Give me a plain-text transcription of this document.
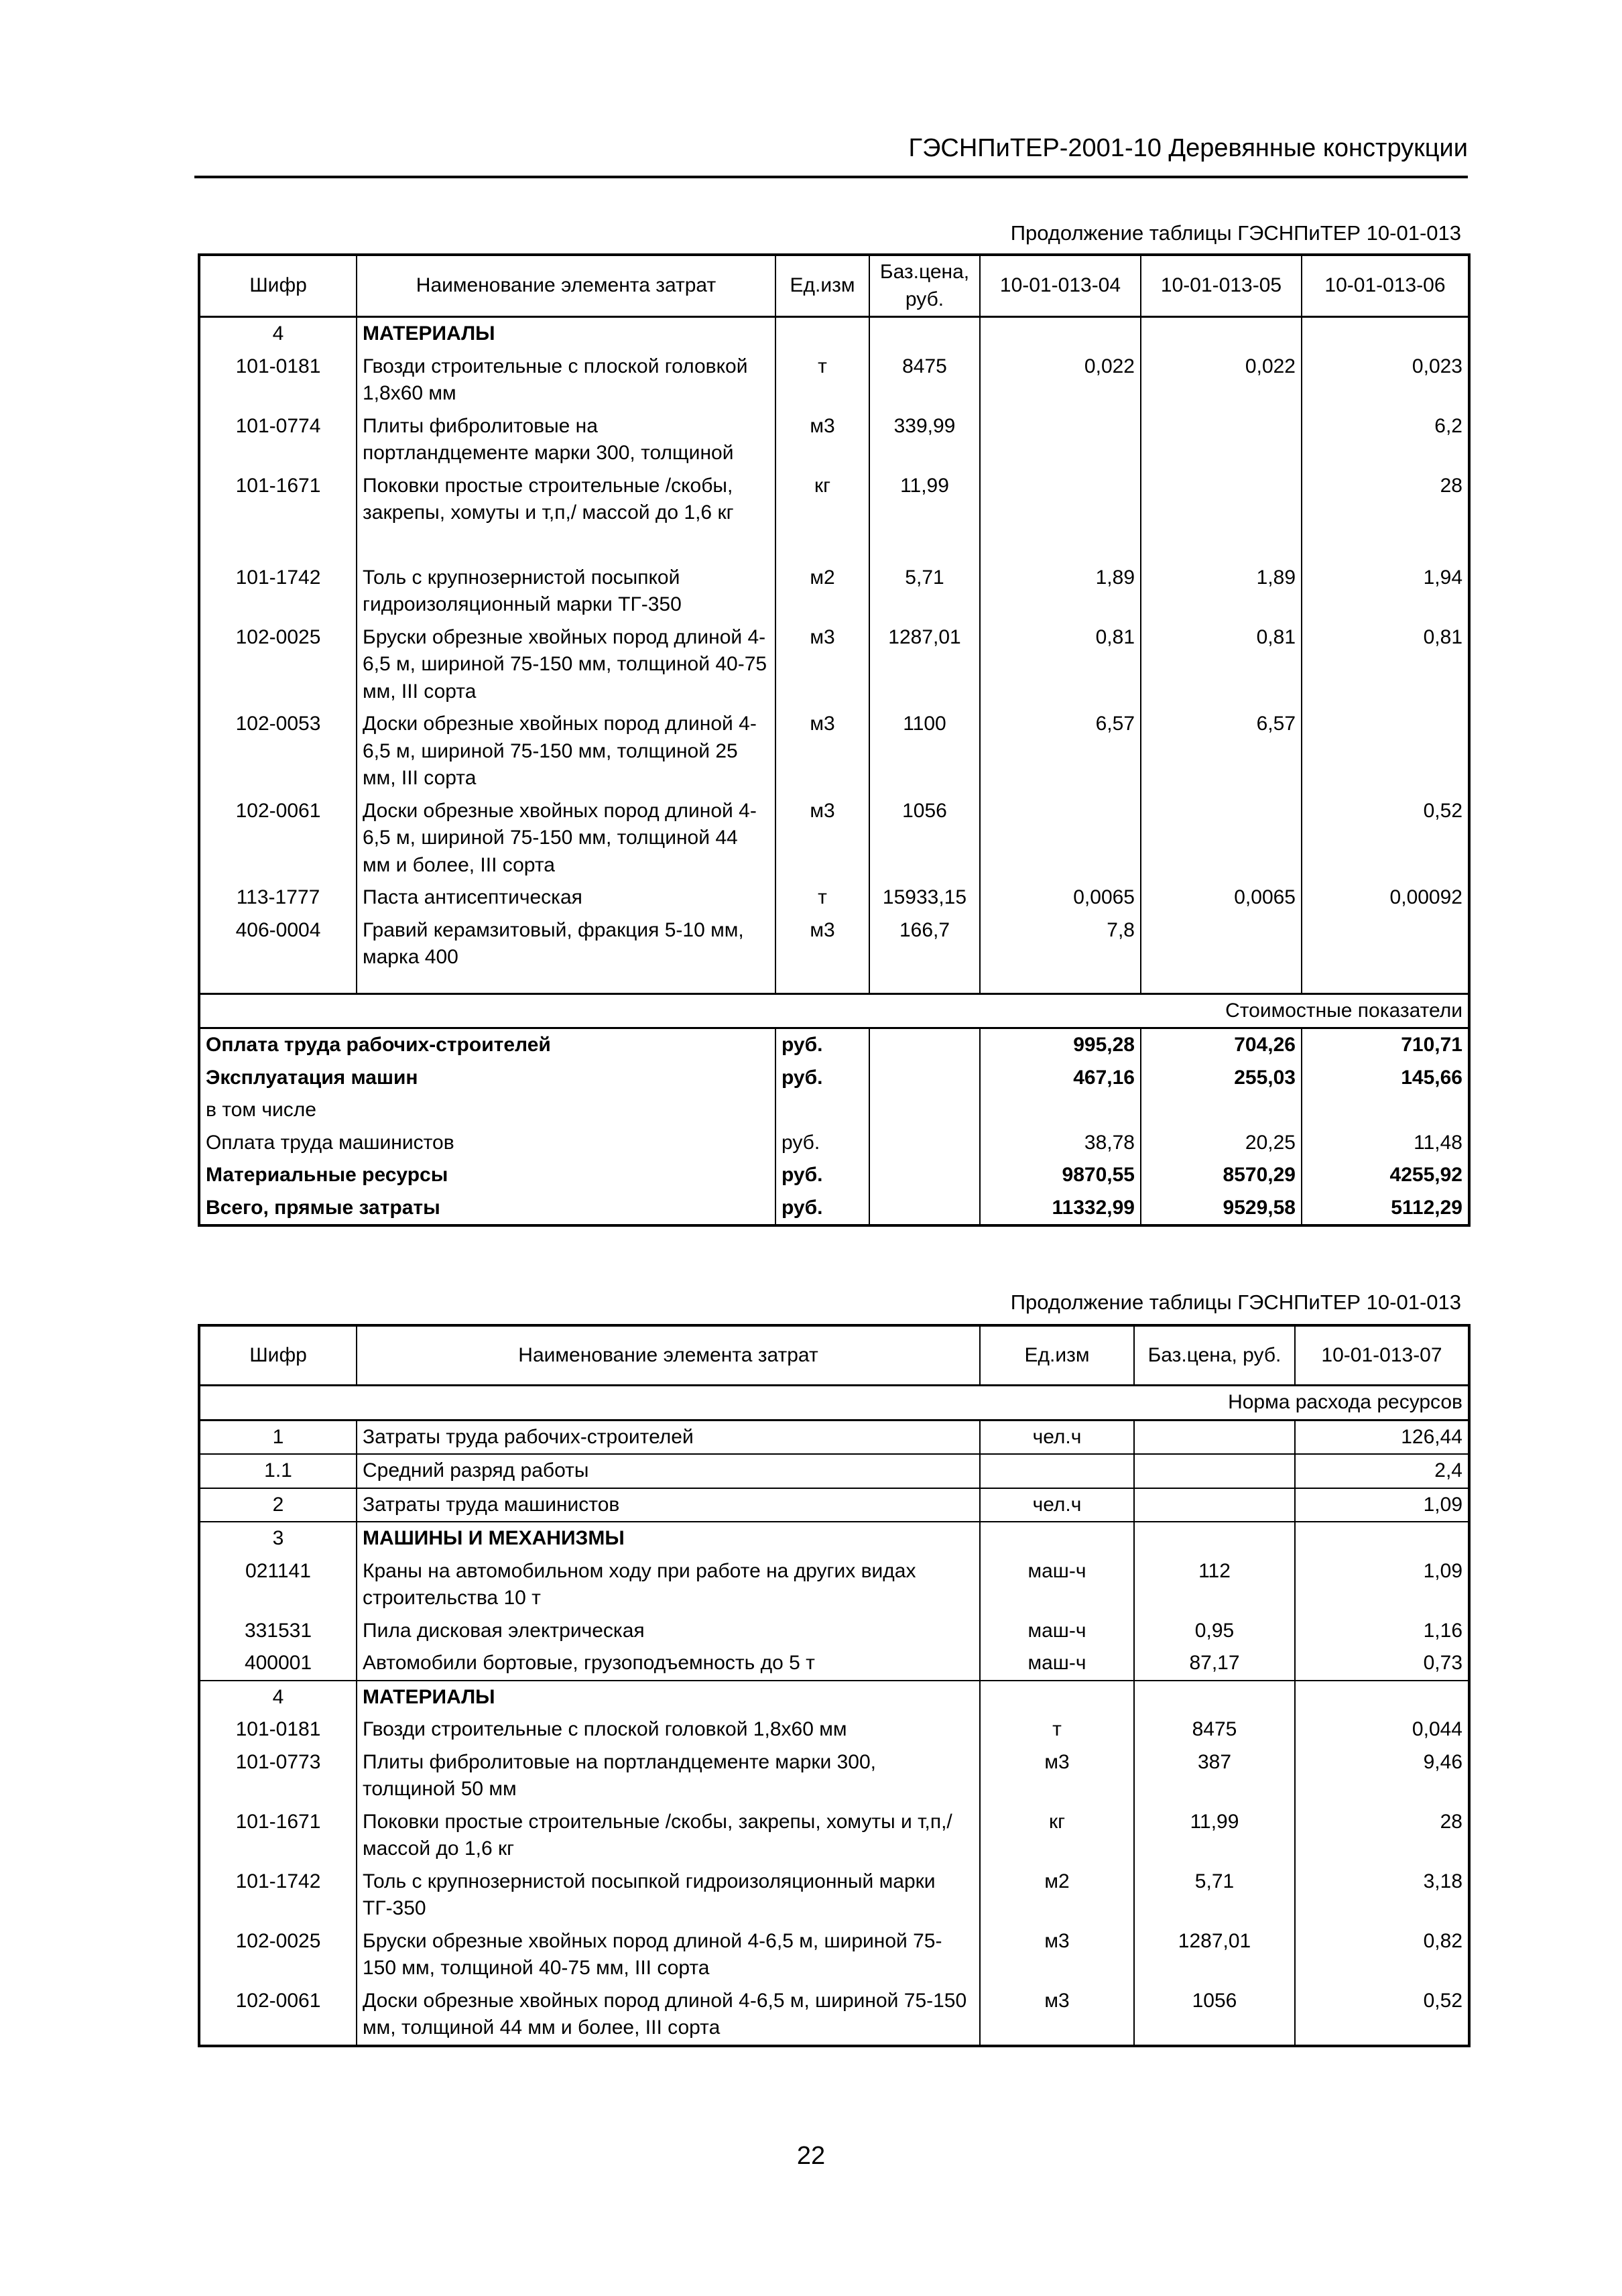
ГЭСНПиТЕР-2001-10 Деревянные конструкции
Продолжение таблицы ГЭСНПиТЕР 10-01-013
Шифр	Наименование элемента затрат	Ед.изм	Баз.цена, руб.	10-01-013-04	10-01-013-05	10-01-013-06
4	МАТЕРИАЛЫ					
101-0181	Гвозди строительные с плоской головкой 1,8х60 мм	т	8475	0,022	0,022	0,023
101-0774	Плиты фибролитовые на портландцементе марки 300, толщиной	м3	339,99			6,2
101-1671	Поковки простые строительные /скобы, закрепы, хомуты и т,п,/ массой до 1,6 кг	кг	11,99			28

101-1742	Толь с крупнозернистой посыпкой гидроизоляционный марки ТГ-350	м2	5,71	1,89	1,89	1,94
102-0025	Бруски обрезные хвойных пород длиной 4-6,5 м, шириной 75-150 мм, толщиной 40-75 мм, III сорта	м3	1287,01	0,81	0,81	0,81
102-0053	Доски обрезные хвойных пород длиной 4-6,5 м, шириной 75-150 мм, толщиной 25 мм, III сорта	м3	1100	6,57	6,57	
102-0061	Доски обрезные хвойных пород длиной 4-6,5 м, шириной 75-150 мм, толщиной 44 мм и более, III сорта	м3	1056			0,52
113-1777	Паста антисептическая	т	15933,15	0,0065	0,0065	0,00092
406-0004	Гравий керамзитовый, фракция 5-10 мм, марка 400	м3	166,7	7,8		

Стоимостные показатели						
Оплата труда рабочих-строителей		руб.		995,28	704,26	710,71
Эксплуатация машин		руб.		467,16	255,03	145,66
в том числе						
Оплата труда машинистов		руб.		38,78	20,25	11,48
Материальные ресурсы		руб.		9870,55	8570,29	4255,92
Всего, прямые затраты		руб.		11332,99	9529,58	5112,29
Продолжение таблицы ГЭСНПиТЕР 10-01-013
Шифр	Наименование элемента затрат	Ед.изм	Баз.цена, руб.	10-01-013-07
Норма расхода ресурсов				
1	Затраты труда рабочих-строителей	чел.ч		126,44
1.1	Средний разряд работы			2,4
2	Затраты труда машинистов	чел.ч		1,09
3	МАШИНЫ И МЕХАНИЗМЫ			
021141	Краны на автомобильном ходу при работе на других видах строительства 10 т	маш-ч	112	1,09
331531	Пила дисковая электрическая	маш-ч	0,95	1,16
400001	Автомобили бортовые, грузоподъемность до 5 т	маш-ч	87,17	0,73
4	МАТЕРИАЛЫ			
101-0181	Гвозди строительные с плоской головкой 1,8х60 мм	т	8475	0,044
101-0773	Плиты фибролитовые на портландцементе марки 300, толщиной 50 мм	м3	387	9,46
101-1671	Поковки простые строительные /скобы, закрепы, хомуты и т,п,/ массой до 1,6 кг	кг	11,99	28
101-1742	Толь с крупнозернистой посыпкой гидроизоляционный марки ТГ-350	м2	5,71	3,18
102-0025	Бруски обрезные хвойных пород длиной 4-6,5 м, шириной 75-150 мм, толщиной 40-75 мм, III сорта	м3	1287,01	0,82
102-0061	Доски обрезные хвойных пород длиной 4-6,5 м, шириной 75-150 мм, толщиной 44 мм и более, III сорта	м3	1056	0,52
22
